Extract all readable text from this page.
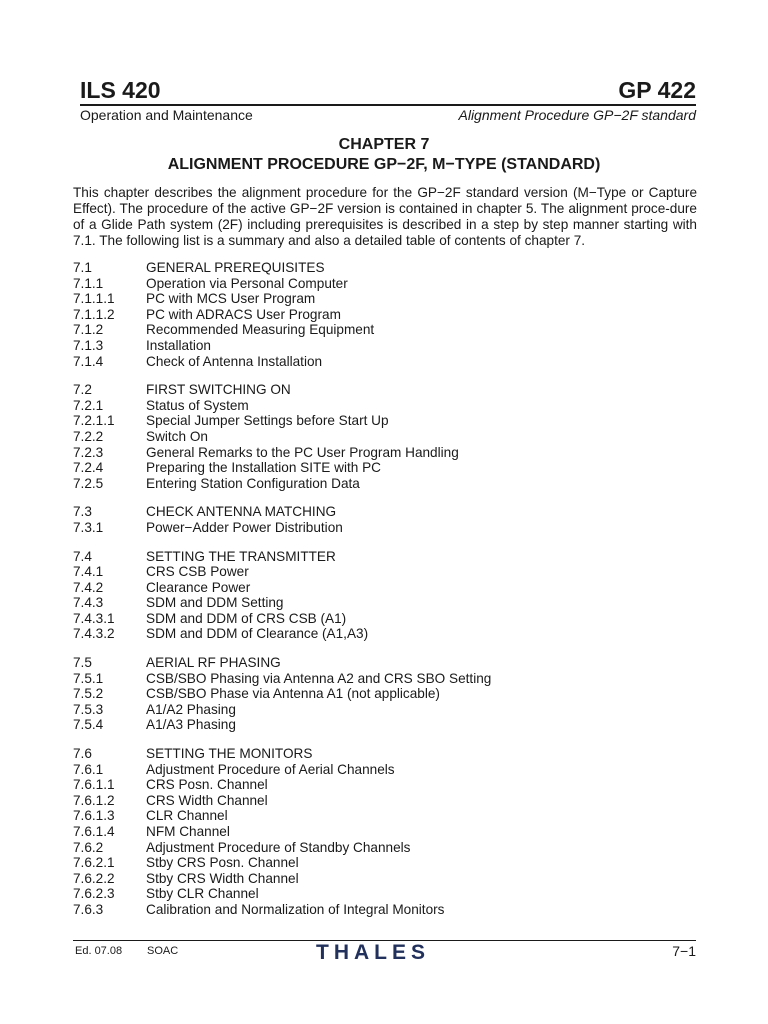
ILS 420	GP 422
Operation and Maintenance	Alignment Procedure GP−2F standard
CHAPTER 7
ALIGNMENT PROCEDURE GP−2F, M−TYPE (STANDARD)

This chapter describes the alignment procedure for the GP−2F standard version (M−Type or Capture Effect). The procedure of the active GP−2F version is contained in chapter 5. The alignment proce-dure of a Glide Path system (2F) including prerequisites is described in a step by step manner starting with 7.1. The following list is a summary and also a detailed table of contents of chapter 7.

7.1	GENERAL PREREQUISITES
7.1.1	Operation via Personal Computer
7.1.1.1	PC with MCS User Program
7.1.1.2	PC with ADRACS User Program
7.1.2	Recommended Measuring Equipment
7.1.3	Installation
7.1.4	Check of Antenna Installation
7.2	FIRST SWITCHING ON
7.2.1	Status of System
7.2.1.1	Special Jumper Settings before Start Up
7.2.2	Switch On
7.2.3	General Remarks to the PC User Program Handling
7.2.4	Preparing the Installation SITE with PC
7.2.5	Entering Station Configuration Data
7.3	CHECK ANTENNA MATCHING
7.3.1	Power−Adder Power Distribution
7.4	SETTING THE TRANSMITTER
7.4.1	CRS CSB Power
7.4.2	Clearance Power
7.4.3	SDM and DDM Setting
7.4.3.1	SDM and DDM of CRS CSB (A1)
7.4.3.2	SDM and DDM of Clearance (A1,A3)
7.5	AERIAL RF PHASING
7.5.1	CSB/SBO Phasing via Antenna A2 and CRS SBO Setting
7.5.2	CSB/SBO Phase via Antenna A1 (not applicable)
7.5.3	A1/A2 Phasing
7.5.4	A1/A3 Phasing
7.6	SETTING THE MONITORS
7.6.1	Adjustment Procedure of Aerial Channels
7.6.1.1	CRS Posn. Channel
7.6.1.2	CRS Width Channel
7.6.1.3	CLR Channel
7.6.1.4	NFM Channel
7.6.2	Adjustment Procedure of Standby Channels
7.6.2.1	Stby CRS Posn. Channel
7.6.2.2	Stby CRS Width Channel
7.6.2.3	Stby CLR Channel
7.6.3	Calibration and Normalization of Integral Monitors
Ed. 07.08 SOAC	THALES	7−1
